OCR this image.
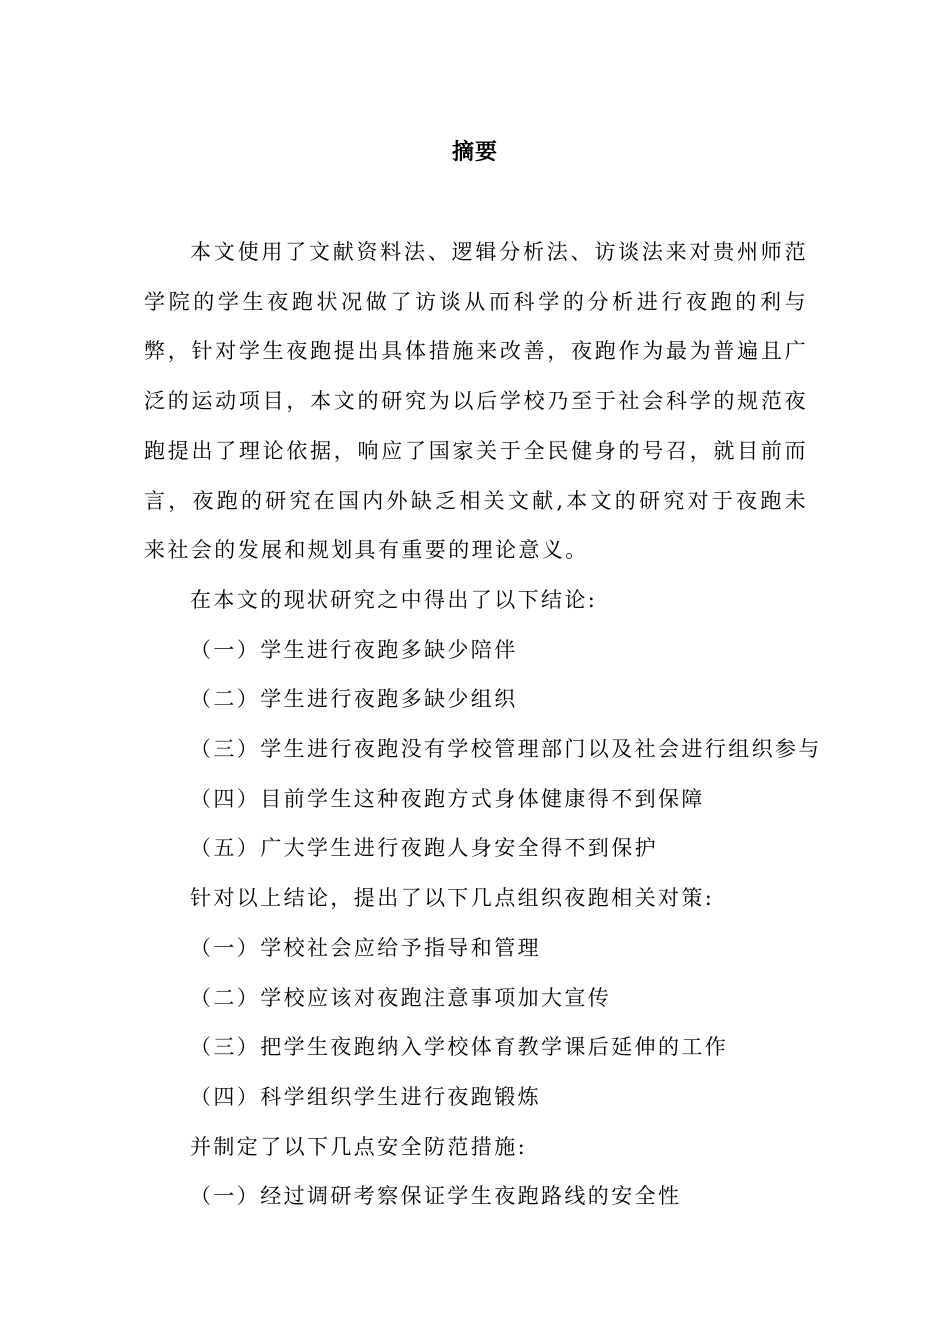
摘要

本文使用了文献资料法、逻辑分析法、访谈法来对贵州师范学院的学生夜跑状况做了访谈从而科学的分析进行夜跑的利与弊，针对学生夜跑提出具体措施来改善，夜跑作为最为普遍且广泛的运动项目，本文的研究为以后学校乃至于社会科学的规范夜跑提出了理论依据，响应了国家关于全民健身的号召，就目前而言，夜跑的研究在国内外缺乏相关文献,本文的研究对于夜跑未来社会的发展和规划具有重要的理论意义。

在本文的现状研究之中得出了以下结论:

（一）学生进行夜跑多缺少陪伴

（二）学生进行夜跑多缺少组织

（三）学生进行夜跑没有学校管理部门以及社会进行组织参与

（四）目前学生这种夜跑方式身体健康得不到保障

（五）广大学生进行夜跑人身安全得不到保护

针对以上结论，提出了以下几点组织夜跑相关对策:

（一）学校社会应给予指导和管理

（二）学校应该对夜跑注意事项加大宣传

（三）把学生夜跑纳入学校体育教学课后延伸的工作

（四）科学组织学生进行夜跑锻炼

并制定了以下几点安全防范措施:

（一）经过调研考察保证学生夜跑路线的安全性
